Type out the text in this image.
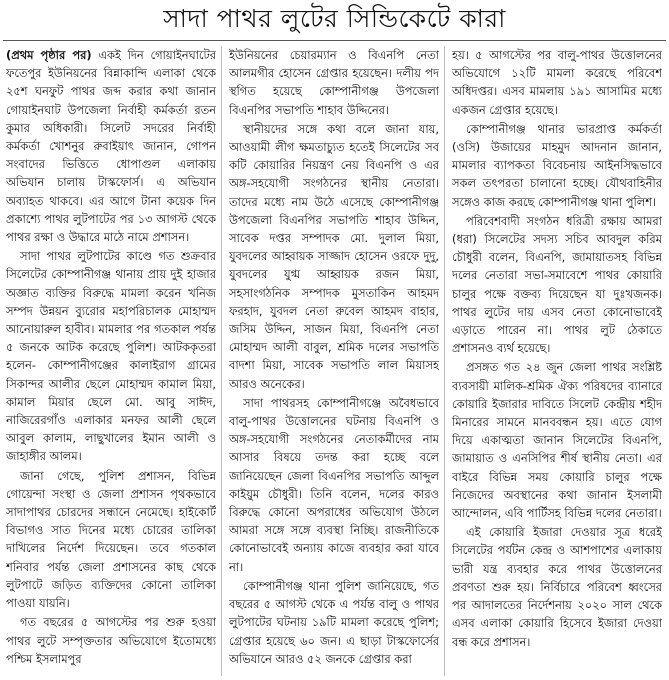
সাদা পাথর লুটের সিন্ডিকেটে কারা

(প্রথম পৃষ্ঠার পর) একই দিন গোয়াইনঘাটের ফতেপুর ইউনিয়নের বিন্নাকান্দি এলাকা থেকে ২৫শ ঘনফুট পাথর জব্দ করার কথা জানান গোয়াইনঘাট উপজেলা নির্বাহী কর্মকর্তা রতন কুমার অধিকারী। সিলেট সদরের নির্বাহী কর্মকর্তা খোশনুর রুবাইয়াৎ জানান, গোপন সংবাদের ভিত্তিতে ধোপাগুল এলাকায় অভিযান চালায় টাস্কফোর্স। এ অভিযান অব্যাহত থাকবে। এর আগে টানা কয়েক দিন প্রকাশ্যে পাথর লুটপাটের পর ১৩ আগস্ট থেকে পাথর রক্ষা ও উদ্ধারে মাঠে নামে প্রশাসন।

সাদা পাথর লুটপাটের কাণ্ডে গত শুক্রবার সিলেটের কোম্পানীগঞ্জ থানায় প্রায় দুই হাজার অজ্ঞাত ব্যক্তির বিরুদ্ধে মামলা করেন খনিজ সম্পদ উন্নয়ন ব্যুরোর মহাপরিচালক মোহাম্মদ আনোয়ারুল হাবীব। মামলার পর গতকাল পর্যন্ত ৫ জনকে আটক করেছে পুলিশ। আটককৃতরা হলেন- কোম্পানীগঞ্জের কালাইরাগ গ্রামের সিকান্দর আলীর ছেলে মোহাম্মদ কামাল মিয়া, কামাল মিয়ার ছেলে মো. আবু সাঈদ, নাজিরেরগাঁও এলাকার মনফর আলী ছেলে আবুল কালাম, লাছুখালের ইমান আলী ও জাহাঙ্গীর আলম।

জানা গেছে, পুলিশ প্রশাসন, বিভিন্ন গোয়েন্দা সংস্থা ও জেলা প্রশাসন পৃথকভাবে সাদাপাথর চোরদের সন্ধানে নেমেছে। হাইকোর্ট বিভাগও সাত দিনের মধ্যে চোরের তালিকা দাখিলের নির্দেশ দিয়েছেন। তবে গতকাল শনিবার পর্যন্ত জেলা প্রশাসনের কাছ থেকে লুটপাটে জড়িত ব্যক্তিদের কোনো তালিকা পাওয়া যায়নি।

গত বছরের ৫ আগস্টের পর শুরু হওয়া পাথর লুটে সম্পৃক্ততার অভিযোগে ইতোমধ্যে পশ্চিম ইসলামপুর

ইউনিয়নের চেয়ারম্যান ও বিএনপি নেতা আলমগীর হোসেন গ্রেপ্তার হয়েছেন। দলীয় পদ স্থগিত হয়েছে কোম্পানীগঞ্জ উপজেলা বিএনপির সভাপতি শাহাব উদ্দিনের।

স্থানীয়দের সঙ্গে কথা বলে জানা যায়, আওয়ামী লীগ ক্ষমতাচ্যুত হতেই সিলেটের সব কটি কোয়ারির নিয়ন্ত্রণ নেয় বিএনপি ও এর অঙ্গ-সহযোগী সংগঠনের স্থানীয় নেতারা। তাদের মধ্যে নাম উঠে এসেছে কোম্পানীগঞ্জ উপজেলা বিএনপির সভাপতি শাহাব উদ্দিন, সাবেক দপ্তর সম্পাদক মো. দুলাল মিয়া, যুবদলের আহ্বায়ক সাজ্জাদ হোসেন ওরফে দুদু, যুবদলের যুগ্ম আহ্বায়ক রজন মিয়া, সহসাংগঠনিক সম্পাদক মুসতাকিন আহমদ ফরহাদ, যুবদল নেতা রুবেল আহমদ বাহার, জসিম উদ্দিন, সাজন মিয়া, বিএনপি নেতা মোহাম্মদ আলী বাবুল, শ্রমিক দলের সভাপতি বাদশা মিয়া, সাবেক সভাপতি লাল মিয়াসহ আরও অনেকের।

সাদা পাথরসহ কোম্পানীগঞ্জে অবৈধভাবে বালু-পাথর উত্তোলনের ঘটনায় বিএনপি ও অঙ্গ-সহযোগী সংগঠনের নেতাকর্মীদের নাম আসার বিষয়ে তদন্ত করা হচ্ছে বলে জানিয়েছেন জেলা বিএনপির সভাপতি আব্দুল কাইয়ুম চৌধুরী। তিনি বলেন, দলের কারও বিরুদ্ধে কোনো অপরাধের অভিযোগ উঠলে আমরা সঙ্গে সঙ্গে ব্যবস্থা নিচ্ছি। রাজনীতিকে কোনোভাবেই অন্যায় কাজে ব্যবহার করা যাবে না।

কোম্পানীগঞ্জ থানা পুলিশ জানিয়েছে, গত বছরের ৫ আগস্ট থেকে এ পর্যন্ত বালু ও পাথর লুটপাটের ঘটনায় ১৯টি মামলা করেছে পুলিশ; গ্রেপ্তার হয়েছে ৬০ জন। এ ছাড়া টাস্কফোর্সের অভিযানে আরও ৫২ জনকে গ্রেপ্তার করা

হয়। ৫ আগস্টের পর বালু-পাথর উত্তোলনের অভিযোগে ১২টি মামলা করেছে পরিবেশ অধিদপ্তর। এসব মামলায় ১৯১ আসামির মধ্যে একজন গ্রেপ্তার হয়েছে।

কোম্পানীগঞ্জ থানার ভারপ্রাপ্ত কর্মকর্তা (ওসি) উজায়ের মাহমুদ আদনান জানান, মামলার ব্যাপকতা বিবেচনায় আইনসিদ্ধভাবে সকল তৎপরতা চালানো হচ্ছে। যৌথবাহিনীর সঙ্গেও কাজ করছে কোম্পানীগঞ্জ থানা পুলিশ।

পরিবেশবাদী সংগঠন ধরিত্রী রক্ষায় আমরা (ধরা) সিলেটের সদস্য সচিব আবদুল করিম চৌধুরী বলেন, বিএনপি, জামায়াতসহ বিভিন্ন দলের নেতারা সভা-সমাবেশে পাথর কোয়ারি চালুর পক্ষে বক্তব্য দিয়েছেন যা দুঃখজনক। পাথর লুটের দায় এসব নেতা কোনোভাবেই এড়াতে পারেন না। পাথর লুট ঠেকাতে প্রশাসনও ব্যর্থ হয়েছে।

প্রসঙ্গত গত ২৪ জুন জেলা পাথর সংশ্লিষ্ট ব্যবসায়ী মালিক-শ্রমিক ঐক্য পরিষদের ব্যানারে কোয়ারি ইজারার দাবিতে সিলেট কেন্দ্রীয় শহীদ মিনারের সামনে মানববন্ধন হয়। এতে যোগ দিয়ে একাত্মতা জানান সিলেটের বিএনপি, জামায়াত ও এনসিপির শীর্ষ স্থানীয় নেতা। এর বাইরে বিভিন্ন সময় কোয়ারি চালুর পক্ষে নিজেদের অবস্থানের কথা জানান ইসলামী আন্দোলন, এবি পার্টিসহ বিভিন্ন দলের নেতারা।

এই কোয়ারি ইজারা দেওয়ার সূত্র ধরেই সিলেটের পর্যটন কেন্দ্র ও আশপাশের এলাকায় ভারী যন্ত্র ব্যবহার করে পাথর উত্তোলনের প্রবণতা শুরু হয়। নির্বিচারে পরিবেশ ধ্বংসের পর আদালতের নির্দেশনায় ২০২০ সাল থেকে এসব এলাকা কোয়ারি হিসেবে ইজারা দেওয়া বন্ধ করে প্রশাসন।
